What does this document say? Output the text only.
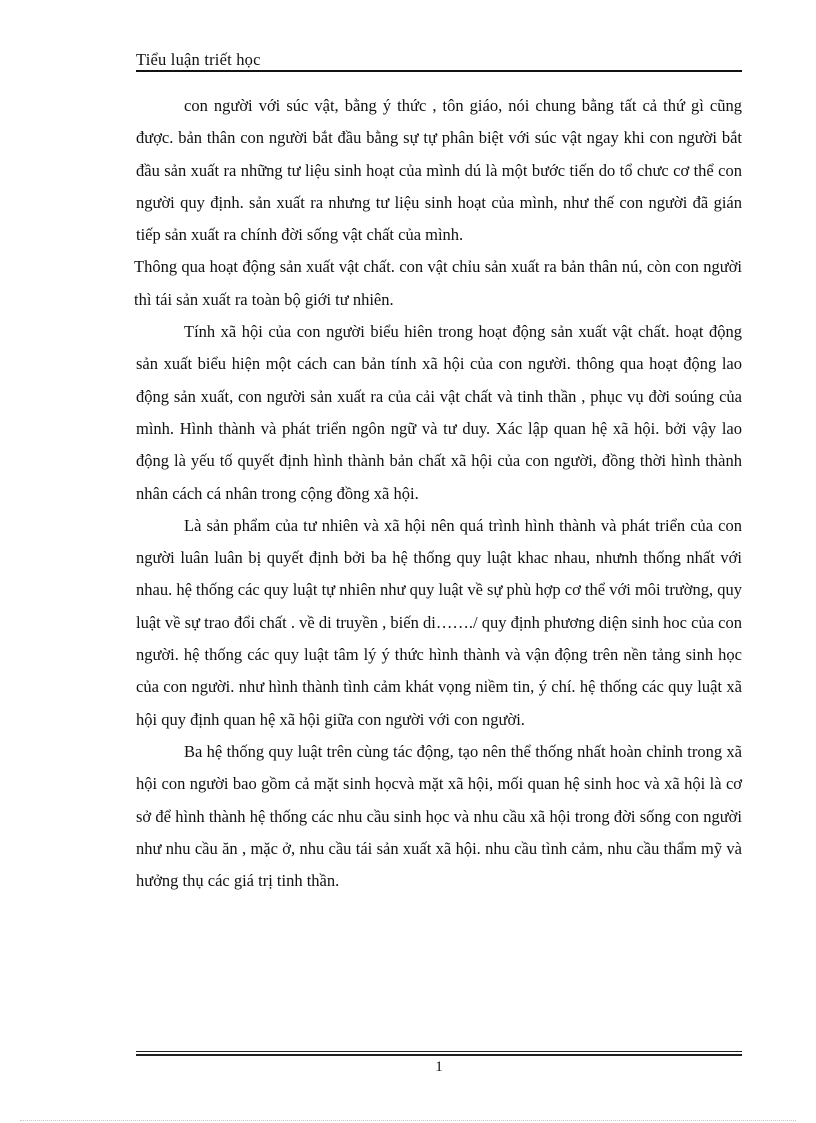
Tiểu luận triết học
con người với súc vật, bằng ý thức , tôn giáo, nói chung bằng tất cả thứ gì cũng được. bản thân con người bắt đầu bằng sự tự phân biệt với súc vật ngay khi con người bắt đầu sản xuất ra những tư liệu sinh hoạt của mình dú là một bước tiến do tổ chưc cơ thể con người quy định. sản xuất ra nhưng tư liệu sinh hoạt của mình, như thế con người đã gián tiếp sản xuất ra chính đời sống vật chất của mình.
Thông qua hoạt động sản xuất vật chất. con vật chỉu sản xuất ra bản thân nú, còn con người thì tái sản xuất ra toàn bộ giới tư nhiên.
Tính xã hội của con người biểu hiên trong hoạt động sản xuất vật chất. hoạt động sản xuất biểu hiện một cách can bản tính xã hội của con người. thông qua hoạt động lao động sản xuất, con người sản xuất ra của cải vật chất và tinh thần , phục vụ đời soúng của mình. Hình thành và phát triển ngôn ngữ và tư duy. Xác lập quan hệ xã hội. bởi vậy lao động là yếu tố quyết định hình thành bản chất xã hội của con người, đồng thời hình thành nhân cách cá nhân trong cộng đồng xã hội.
Là sản phẩm của tư nhiên và xã hội nên quá trình hình thành và phát triển của con người luân luân bị quyết định bởi ba hệ thống quy luật khac nhau, nhưnh thống nhất với nhau. hệ thống các quy luật tự nhiên như quy luật về sự phù hợp cơ thể với môi trường, quy luật về sự trao đổi chất . về di truyền , biến di……./ quy định phương diện sinh hoc của con người. hệ thống các quy luật tâm lý ý thức hình thành và vận động trên nền tảng sinh học của con người. như hình thành tình cảm khát vọng niềm tin, ý chí. hệ thống các quy luật xã hội quy định quan hệ xã hội giữa con người với con người.
Ba hệ thống quy luật trên cùng tác động, tạo nên thể thống nhất hoàn chỉnh trong xã hội con người bao gồm cả mặt sinh họcvà mặt xã hội, mối quan hệ sinh hoc và xã hội là cơ sở để hình thành hệ thống các nhu cầu sinh học và nhu cầu xã hội trong đời sống con người như nhu cầu ăn , mặc ở, nhu cầu tái sản xuất xã hội. nhu cầu tình cảm, nhu cầu thẩm mỹ và hưởng thụ các giá trị tinh thần.
1
